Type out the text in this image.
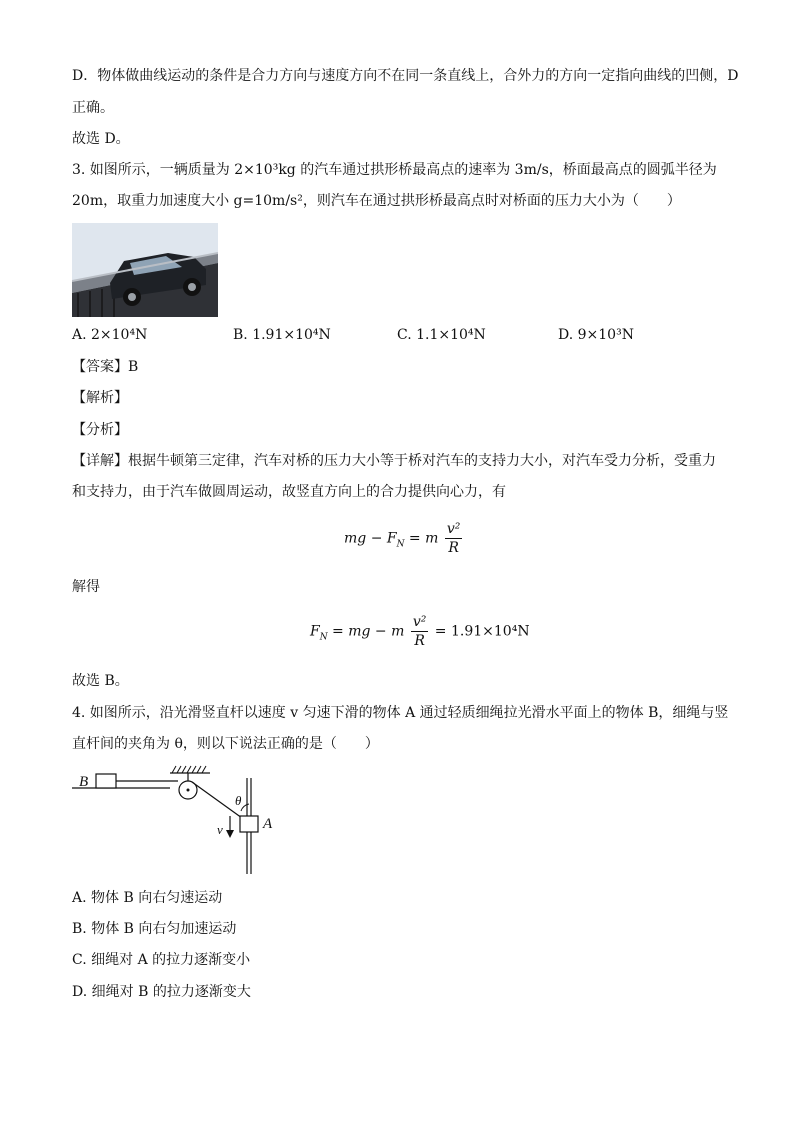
D．物体做曲线运动的条件是合力方向与速度方向不在同一条直线上，合外力的方向一定指向曲线的凹侧，D
正确。
故选 D。
3. 如图所示，一辆质量为 2×10³kg 的汽车通过拱形桥最高点的速率为 3m/s，桥面最高点的圆弧半径为
20m，取重力加速度大小 g=10m/s²，则汽车在通过拱形桥最高点时对桥面的压力大小为（　　）
A. 2×10⁴N	B. 1.91×10⁴N	C. 1.1×10⁴N	D. 9×10³N
【答案】B
【解析】
【分析】
【详解】根据牛顿第三定律，汽车对桥的压力大小等于桥对汽车的支持力大小，对汽车受力分析，受重力
和支持力，由于汽车做圆周运动，故竖直方向上的合力提供向心力，有
mg − $F_N = m \frac{\text{v²}}{R}$
解得
$F_N$ = mg − m $\frac{\text{v²}}{R} = 1.91\times 10^4N$
故选 B。
4. 如图所示，沿光滑竖直杆以速度 v 匀速下滑的物体 A 通过轻质细绳拉光滑水平面上的物体 B，细绳与竖
直杆间的夹角为 θ，则以下说法正确的是（　　）
B
θ
A
v
A. 物体 B 向右匀速运动
B. 物体 B 向右匀加速运动
C. 细绳对 A 的拉力逐渐变小
D. 细绳对 B 的拉力逐渐变大
